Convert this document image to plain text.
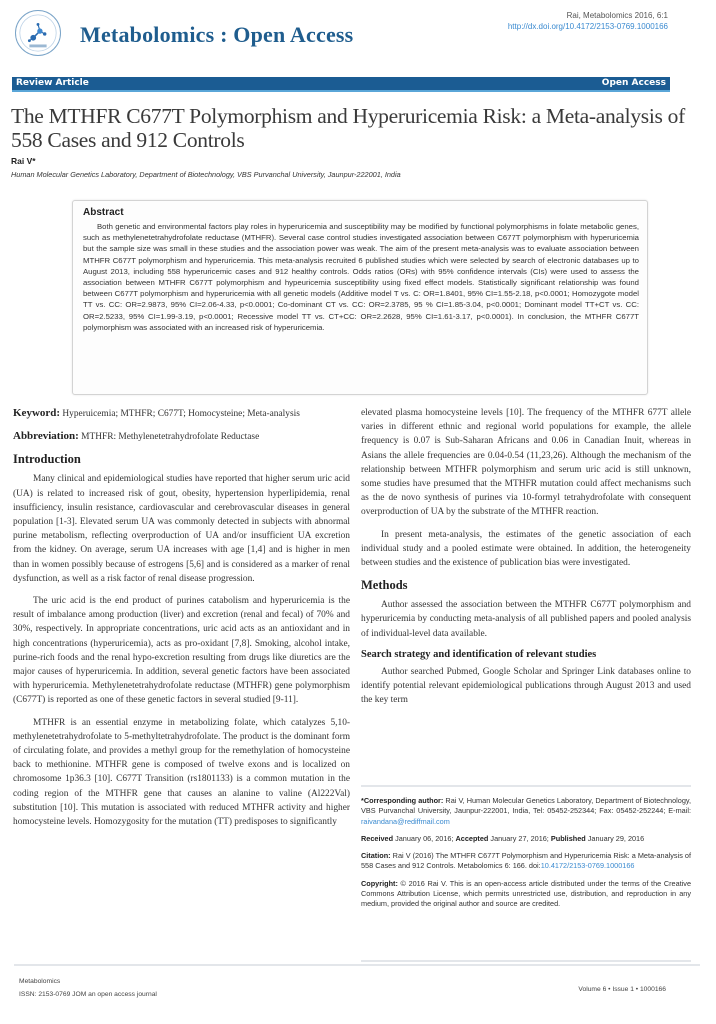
Metabolomics : Open Access
Rai, Metabolomics 2016, 6:1
http://dx.doi.org/10.4172/2153-0769.1000166
Review Article	Open Access
The MTHFR C677T Polymorphism and Hyperuricemia Risk: a Meta-analysis of 558 Cases and 912 Controls
Rai V*
Human Molecular Genetics Laboratory, Department of Biotechnology, VBS Purvanchal University, Jaunpur-222001, India
Abstract

Both genetic and environmental factors play roles in hyperuricemia and susceptibility may be modified by functional polymorphisms in folate metabolic genes, such as methylenetetrahydrofolate reductase (MTHFR). Several case control studies investigated association between C677T polymorphism with hyperuricemia but the sample size was small in these studies and the association power was weak. The aim of the present meta-analysis was to evaluate association between MTHFR C677T polymorphism and hyperuricemia. This meta-analysis recruited 6 published studies which were selected by search of electronic databases up to August 2013, including 558 hyperuricemic cases and 912 healthy controls. Odds ratios (ORs) with 95% confidence intervals (CIs) were used to assess the association between MTHFR C677T polymorphism and hypeuricemia susceptibility using fixed effect models. Statistically significant relationship was found between C677T polymorphism and hyperuricemia with all genetic models (Additive model T vs. C: OR=1.8401, 95% CI=1.55-2.18, p<0.0001; Homozygote model TT vs. CC: OR=2.9873, 95% CI=2.06-4.33, p<0.0001; Co-dominant CT vs. CC: OR=2.3785, 95 % CI=1.85-3.04, p<0.0001; Dominant model TT+CT vs. CC: OR=2.5233, 95% CI=1.99-3.19, p<0.0001; Recessive model TT vs. CT+CC: OR=2.2628, 95% CI=1.61-3.17, p<0.0001). In conclusion, the MTHFR C677T polymorphism was associated with an increased risk of hyperuricemia.

Keyword: Hyperuicemia; MTHFR; C677T; Homocysteine; Meta-analysis

Abbreviation: MTHFR: Methylenetetrahydrofolate Reductase

Introduction

Many clinical and epidemiological studies have reported that higher serum uric acid (UA) is related to increased risk of gout, obesity, hypertension hyperlipidemia, renal insufficiency, insulin resistance, cardiovascular and cerebrovascular diseases in general population [1-3]. Elevated serum UA was commonly detected in subjects with abnormal purine metabolism, reflecting overproduction of UA and/or insufficient UA excretion from the kidney. On average, serum UA increases with age [1,4] and is higher in men than in women possibly because of estrogens [5,6] and is considered as a marker of renal dysfunction, as well as a risk factor of renal disease progression.

The uric acid is the end product of purines catabolism and hyperuricemia is the result of imbalance among production (liver) and excretion (renal and fecal) of 70% and 30%, respectively. In appropriate concentrations, uric acid acts as an antioxidant and in high concentrations (hyperuricemia), acts as pro-oxidant [7,8]. Smoking, alcohol intake, purine-rich foods and the renal hypo-excretion resulting from drugs like diuretics are the major causes of hyperuricemia. In addition, several genetic factors have been associated with hyperuricemia. Methylenetetrahydrofolate reductase (MTHFR) gene polymorphism (C677T) is reported as one of these genetic factors in several studied [9-11].

MTHFR is an essential enzyme in metabolizing folate, which catalyzes 5,10-methylenetetrahydrofolate to 5-methyltetrahydrofolate. The product is the dominant form of circulating folate, and provides a methyl group for the remethylation of homocysteine back to methionine. MTHFR gene is composed of twelve exons and is localized on chromosome 1p36.3 [10]. C677T Transition (rs1801133) is a common mutation in the coding region of the MTHFR gene that causes an alanine to valine (Al222Val) substitution [10]. This mutation is associated with reduced MTHFR activity and higher homocysteine levels. Homozygosity for the mutation (TT) predisposes to significantly

elevated plasma homocysteine levels [10]. The frequency of the MTHFR 677T allele varies in different ethnic and regional world populations for example, the allele frequency is 0.07 is Sub-Saharan Africans and 0.06 in Canadian Inuit, whereas in Asians the allele frequencies are 0.04-0.54 (11,23,26). Although the mechanism of the relationship between MTHFR polymorphism and serum uric acid is still unknown, some studies have presumed that the MTHFR mutation could affect mechanisms such as the de novo synthesis of purines via 10-formyl tetrahydrofolate with consequent overproduction of UA by the substrate of the MTHFR reaction.

In present meta-analysis, the estimates of the genetic association of each individual study and a pooled estimate were obtained. In addition, the heterogeneity between studies and the existence of publication bias were investigated.

Methods

Author assessed the association between the MTHFR C677T polymorphism and hyperuricemia by conducting meta-analysis of all published papers and pooled analysis of individual-level data available.

Search strategy and identification of relevant studies

Author searched Pubmed, Google Scholar and Springer Link databases online to identify potential relevant epidemiological publications through August 2013 and used the key term

*Corresponding author: Rai V, Human Molecular Genetics Laboratory, Department of Biotechnology, VBS Purvanchal University, Jaunpur-222001, India, Tel: 05452-252344; Fax: 05452-252244; E-mail: raivandana@rediffmail.com

Received January 06, 2016; Accepted January 27, 2016; Published January 29, 2016

Citation: Rai V (2016) The MTHFR C677T Polymorphism and Hyperuricemia Risk: a Meta-analysis of 558 Cases and 912 Controls. Metabolomics 6: 166. doi:10.4172/2153-0769.1000166

Copyright: © 2016 Rai V. This is an open-access article distributed under the terms of the Creative Commons Attribution License, which permits unrestricted use, distribution, and reproduction in any medium, provided the original author and source are credited.

Metabolomics
ISSN: 2153-0769 JOM an open access journal
Volume 6 • Issue 1 • 1000166
